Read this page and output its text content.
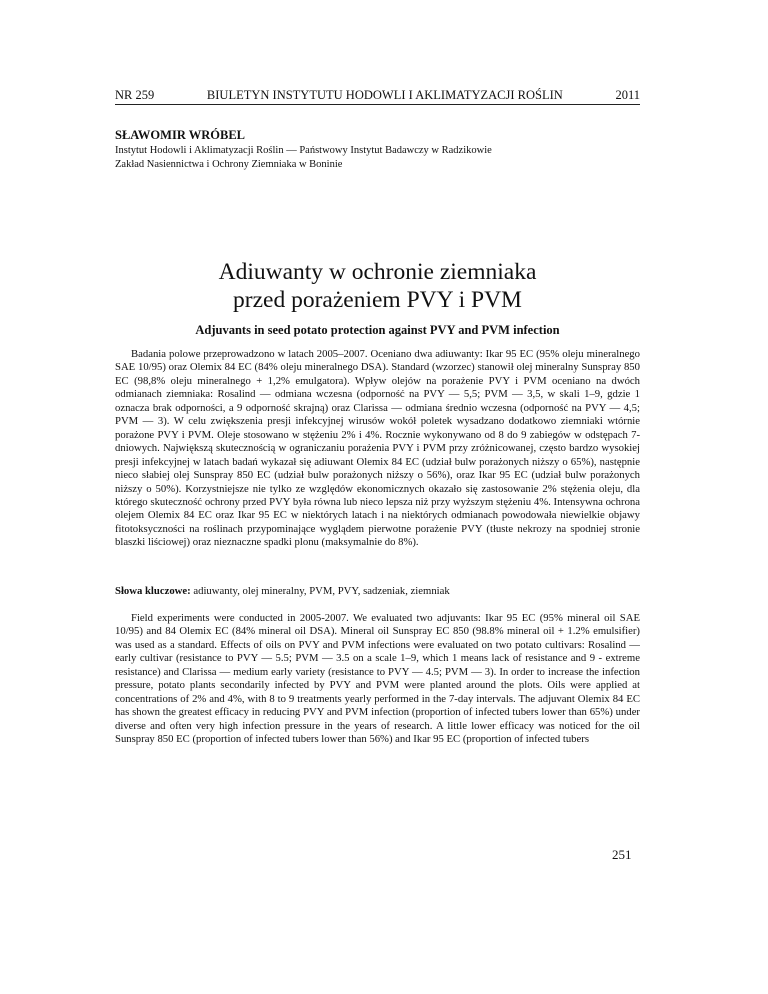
NR 259	BIULETYN INSTYTUTU HODOWLI I AKLIMATYZACJI ROŚLIN	2011
SŁAWOMIR WRÓBEL
Instytut Hodowli i Aklimatyzacji Roślin — Państwowy Instytut Badawczy w Radzikowie
Zakład Nasiennictwa i Ochrony Ziemniaka w Boninie
Adiuwanty w ochronie ziemniaka
przed porażeniem PVY i PVM
Adjuvants in seed potato protection against PVY and PVM infection

Badania polowe przeprowadzono w latach 2005–2007. Oceniano dwa adiuwanty: Ikar 95 EC (95% oleju mineralnego SAE 10/95) oraz Olemix 84 EC (84% oleju mineralnego DSA). Standard (wzorzec) stanowił olej mineralny Sunspray 850 EC (98,8% oleju mineralnego + 1,2% emulgatora). Wpływ olejów na porażenie PVY i PVM oceniano na dwóch odmianach ziemniaka: Rosalind — odmiana wczesna (odporność na PVY — 5,5; PVM — 3,5, w skali 1–9, gdzie 1 oznacza brak odporności, a 9 odporność skrajną) oraz Clarissa — odmiana średnio wczesna (odporność na PVY — 4,5; PVM — 3). W celu zwiększenia presji infekcyjnej wirusów wokół poletek wysadzano dodatkowo ziemniaki wtórnie porażone PVY i PVM. Oleje stosowano w stężeniu 2% i 4%. Rocznie wykonywano od 8 do 9 zabiegów w odstępach 7-dniowych. Największą skutecznością w ograniczaniu porażenia PVY i PVM przy zróżnicowanej, często bardzo wysokiej presji infekcyjnej w latach badań wykazał się adiuwant Olemix 84 EC (udział bulw porażonych niższy o 65%), następnie nieco słabiej olej Sunspray 850 EC (udział bulw porażonych niższy o 56%), oraz Ikar 95 EC (udział bulw porażonych niższy o 50%). Korzystniejsze nie tylko ze względów ekonomicznych okazało się zastosowanie 2% stężenia oleju, dla którego skuteczność ochrony przed PVY była równa lub nieco lepsza niż przy wyższym stężeniu 4%. Intensywna ochrona olejem Olemix 84 EC oraz Ikar 95 EC w niektórych latach i na niektórych odmianach powodowała niewielkie objawy fitotoksyczności na roślinach przypominające wyglądem pierwotne porażenie PVY (tłuste nekrozy na spodniej stronie blaszki liściowej) oraz nieznaczne spadki plonu (maksymalnie do 8%).

Słowa kluczowe: adiuwanty, olej mineralny, PVM, PVY, sadzeniak, ziemniak

Field experiments were conducted in 2005-2007. We evaluated two adjuvants: Ikar 95 EC (95% mineral oil SAE 10/95) and 84 Olemix EC (84% mineral oil DSA). Mineral oil Sunspray EC 850 (98.8% mineral oil + 1.2% emulsifier) was used as a standard. Effects of oils on PVY and PVM infections were evaluated on two potato cultivars: Rosalind — early cultivar (resistance to PVY — 5.5; PVM — 3.5 on a scale 1–9, which 1 means lack of resistance and 9 - extreme resistance) and Clarissa — medium early variety (resistance to PVY — 4.5; PVM — 3). In order to increase the infection pressure, potato plants secondarily infected by PVY and PVM were planted around the plots. Oils were applied at concentrations of 2% and 4%, with 8 to 9 treatments yearly performed in the 7-day intervals. The adjuvant Olemix 84 EC has shown the greatest efficacy in reducing PVY and PVM infection (proportion of infected tubers lower than 65%) under diverse and often very high infection pressure in the years of research. A little lower efficacy was noticed for the oil Sunspray 850 EC (proportion of infected tubers lower than 56%) and Ikar 95 EC (proportion of infected tubers

251
